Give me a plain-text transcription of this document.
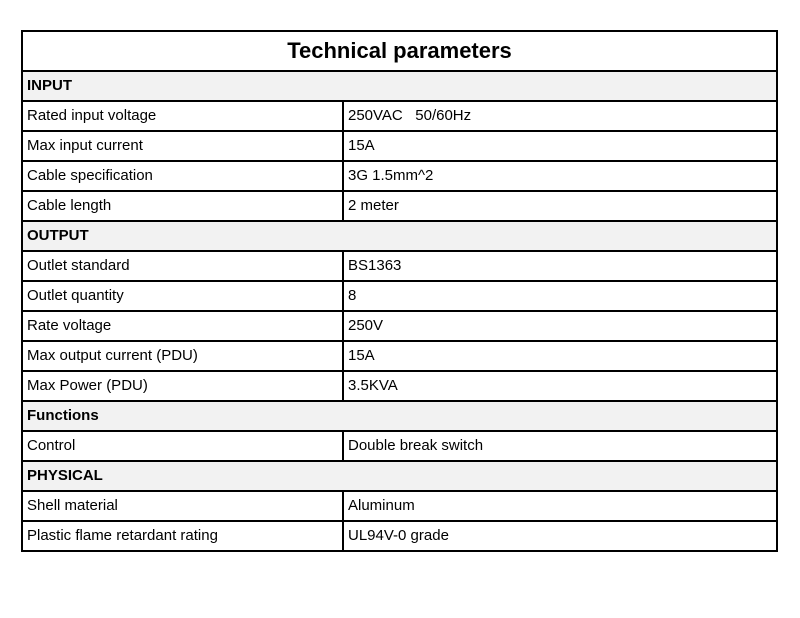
Technical parameters	
INPUT	
Rated input voltage	250VAC   50/60Hz
Max input current	15A
Cable specification	3G 1.5mm^2
Cable length	2 meter
OUTPUT	
Outlet standard	BS1363
Outlet quantity	8
Rate voltage	250V
Max output current (PDU)	15A
Max Power (PDU)	3.5KVA
Functions	
Control	Double break switch
PHYSICAL	
Shell material	Aluminum
Plastic flame retardant rating	UL94V-0 grade
